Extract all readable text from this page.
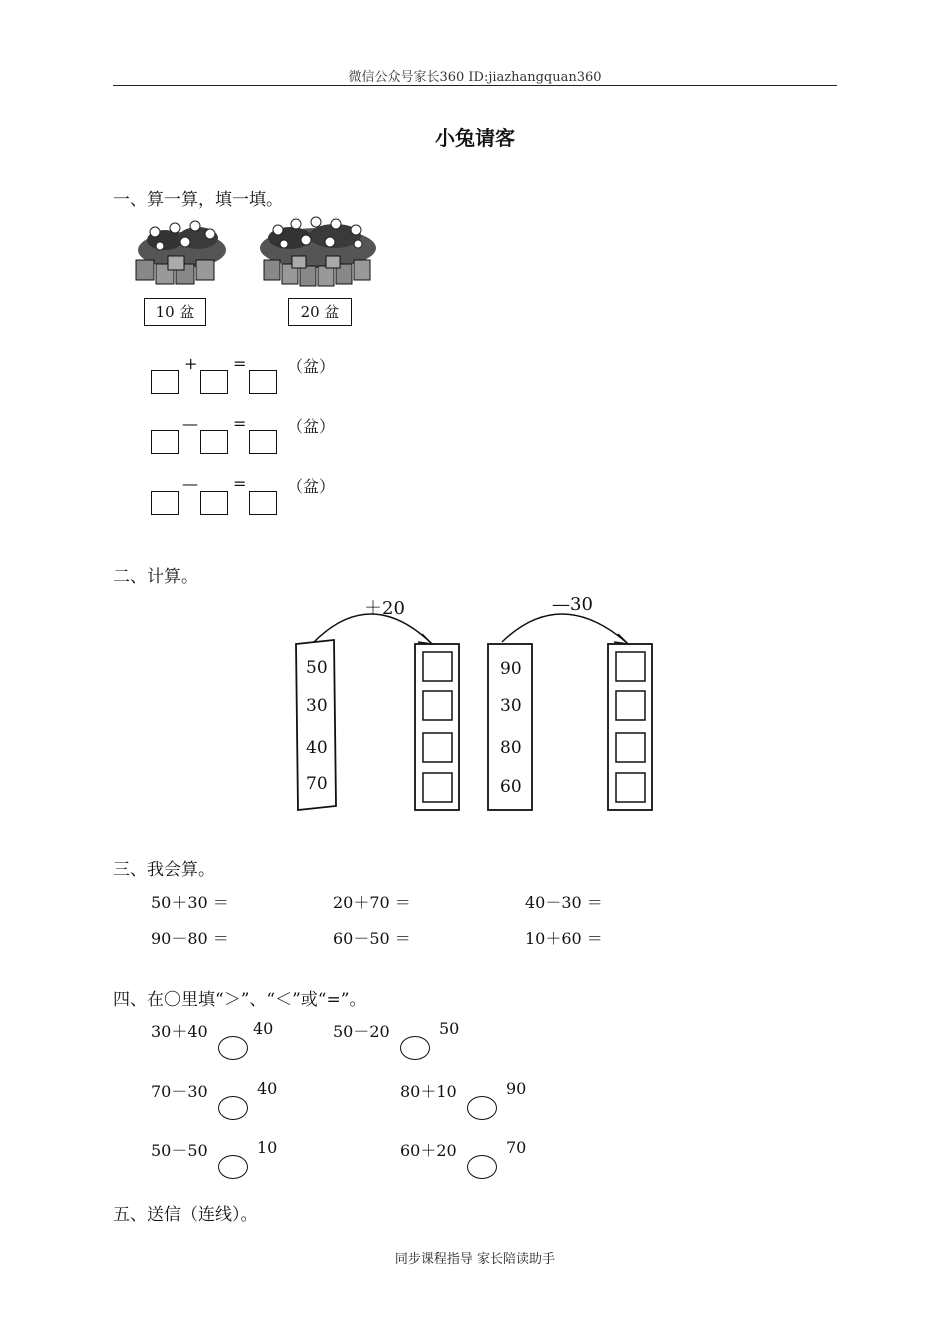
微信公众号家长360 ID:jiazhangquan360
小兔请客
一、算一算，填一填。
10 盆	20 盆
+ =	（盆）
— =	（盆）
— =	（盆）
二、计算。
＋20	—30
50
30
40
70
90
30
80
60
三、我会算。
50＋30 ＝	20＋70 ＝	40－30 ＝
90－80 ＝	60－50 ＝	10＋60 ＝
四、在〇里填“＞”、“＜”或“=”。
30＋40	40	50－20	50
70－30	40	80＋10	90
50－50	10	60＋20	70
五、送信（连线）。
同步课程指导 家长陪读助手
